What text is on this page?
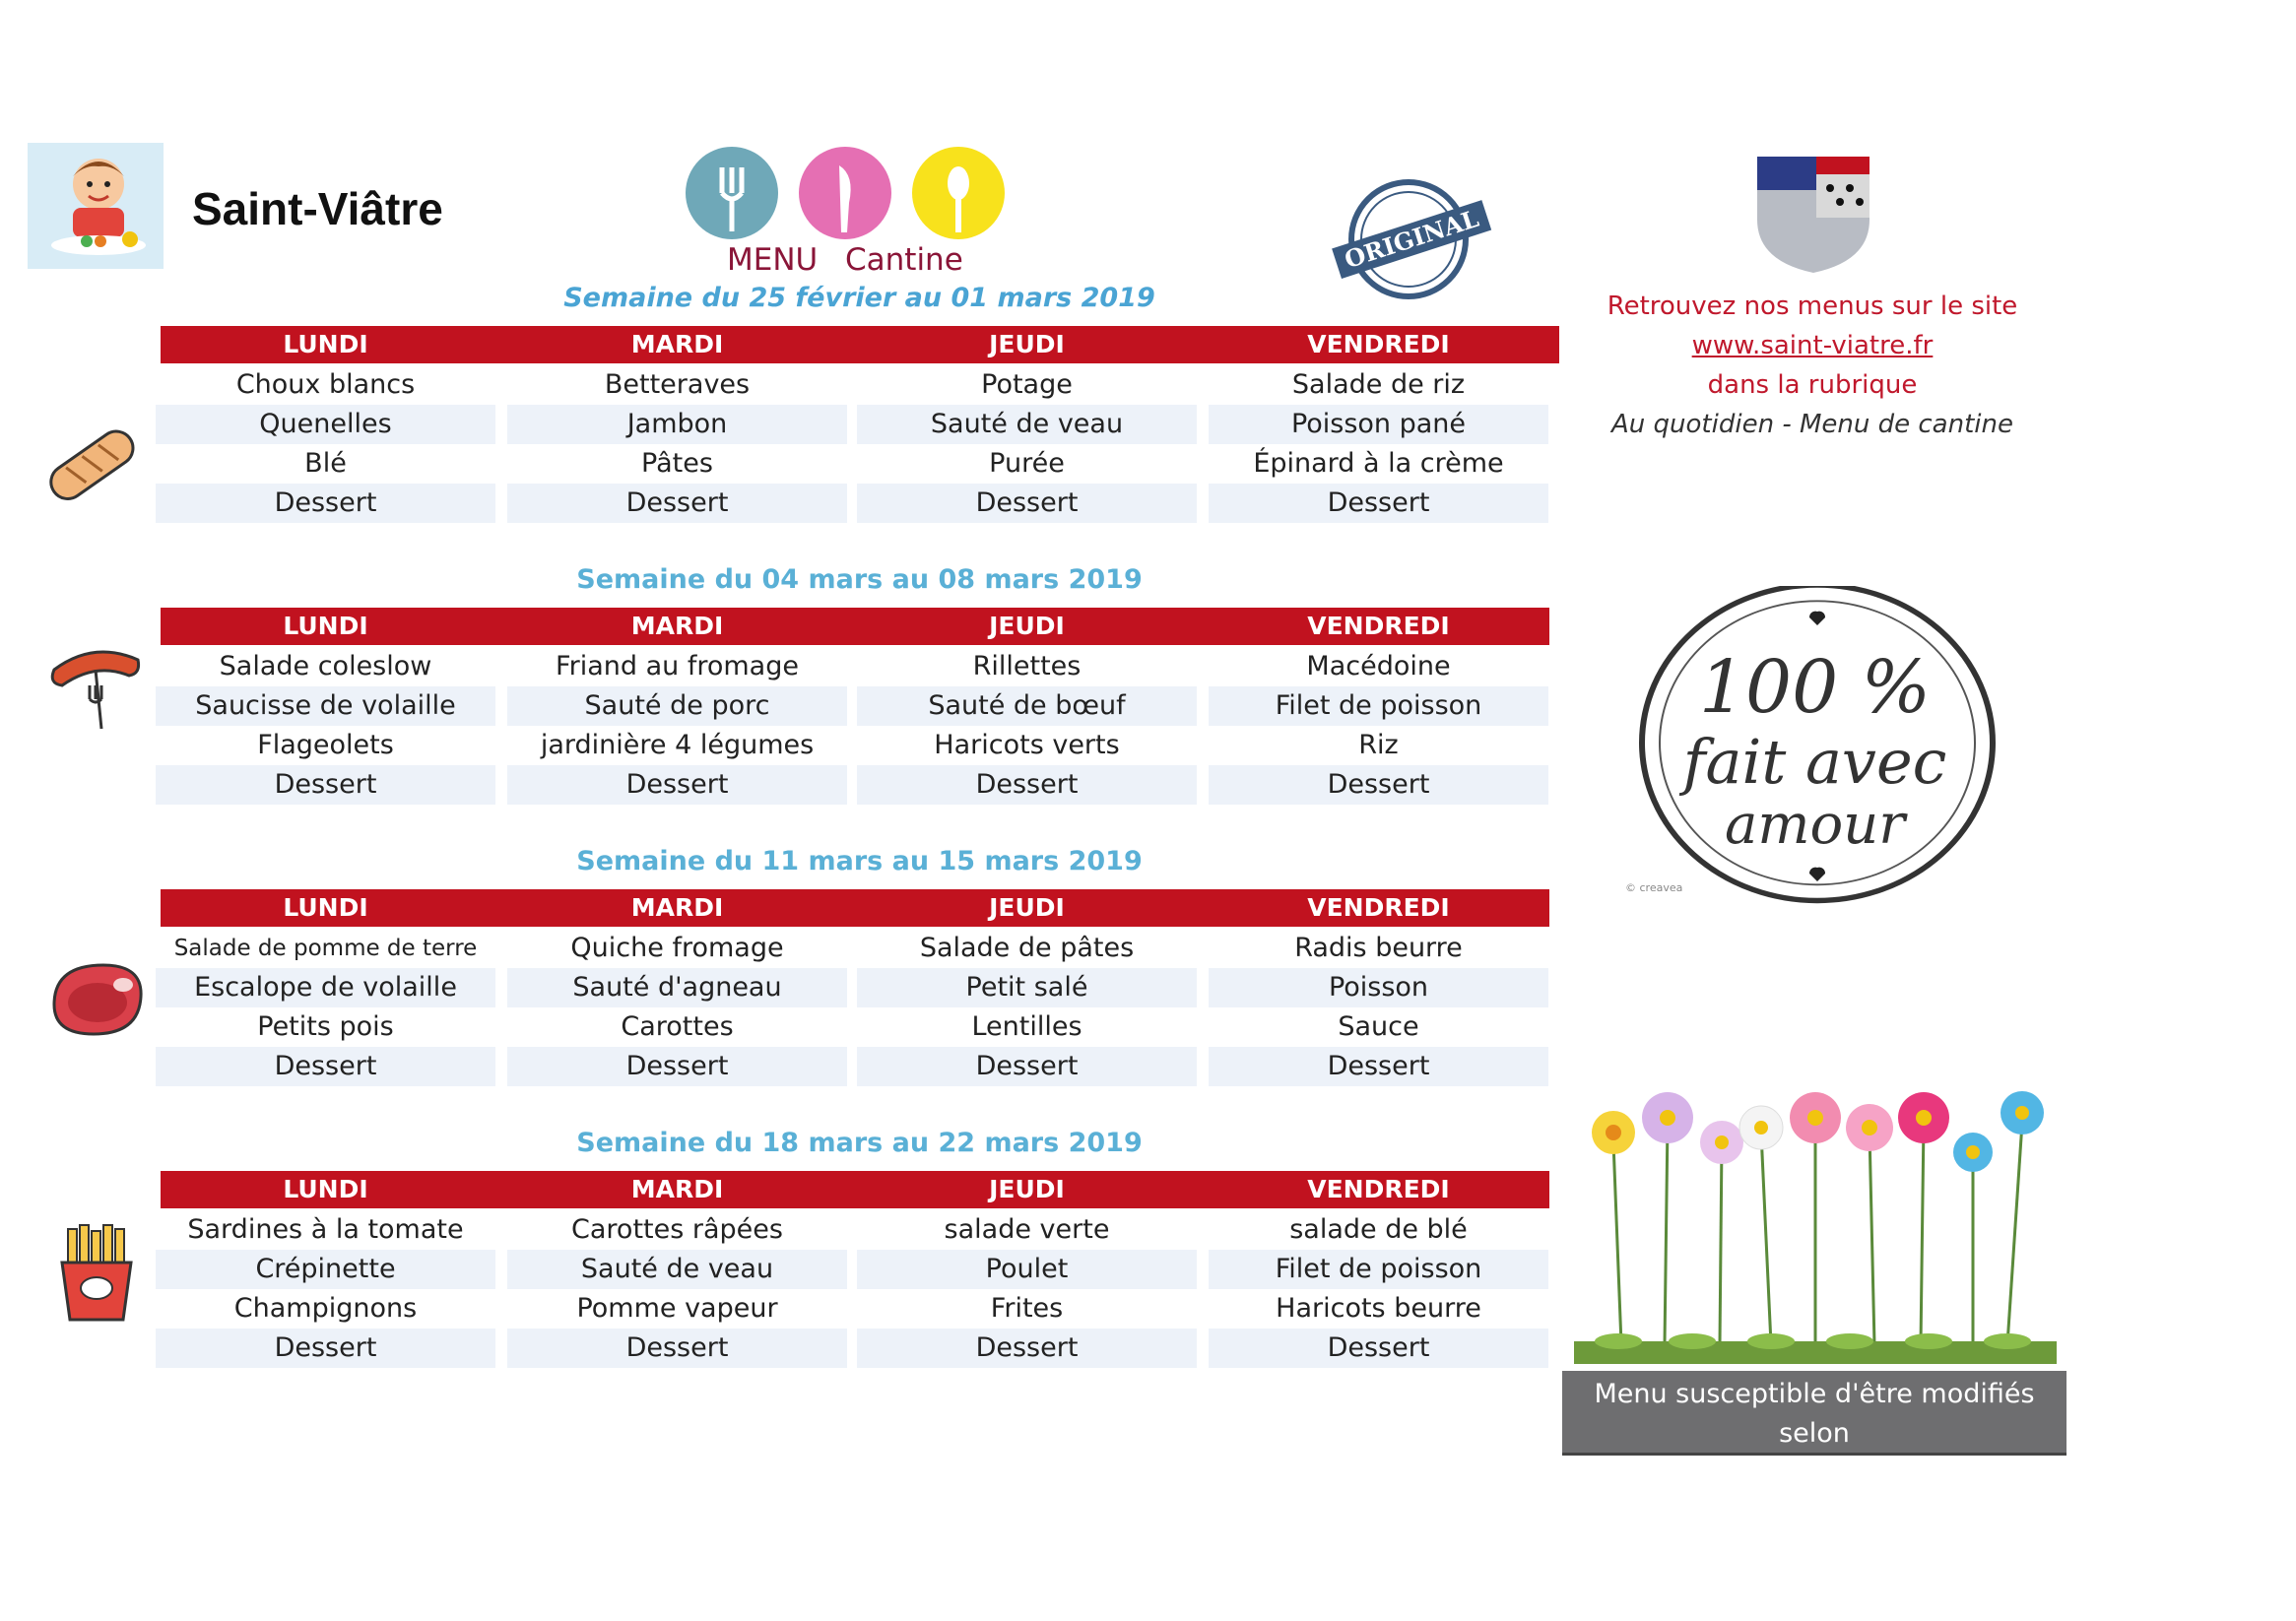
Saint-Viâtre
MENU Cantine	ORIGINAL
Retrouvez nos menus sur le site
www.saint-viatre.fr
dans la rubrique
Au quotidien - Menu de cantine
100 %
fait avec
amour
© creavea
Menu susceptible d'être modifiés selon
arrivage des produits
Semaine du 25 février au 01 mars 2019
LUNDI	MARDI	JEUDI	VENDREDI
Choux blancs	Betteraves	Potage	Salade de riz
Quenelles	Jambon	Sauté de veau	Poisson pané
Blé	Pâtes	Purée	Épinard à la crème
Dessert	Dessert	Dessert	Dessert
Semaine du 04 mars au 08 mars 2019
LUNDI	MARDI	JEUDI	VENDREDI
Salade coleslow	Friand au fromage	Rillettes	Macédoine
Saucisse de volaille	Sauté de porc	Sauté de bœuf	Filet de poisson
Flageolets	jardinière 4 légumes	Haricots verts	Riz
Dessert	Dessert	Dessert	Dessert
Semaine du 11 mars au 15 mars 2019
LUNDI	MARDI	JEUDI	VENDREDI
Salade de pomme de terre	Quiche fromage	Salade de pâtes	Radis beurre
Escalope de volaille	Sauté d'agneau	Petit salé	Poisson
Petits pois	Carottes	Lentilles	Sauce
Dessert	Dessert	Dessert	Dessert
Semaine du 18 mars au 22 mars 2019
LUNDI	MARDI	JEUDI	VENDREDI
Sardines à la tomate	Carottes râpées	salade verte	salade de blé
Crépinette	Sauté de veau	Poulet	Filet de poisson
Champignons	Pomme vapeur	Frites	Haricots beurre
Dessert	Dessert	Dessert	Dessert
